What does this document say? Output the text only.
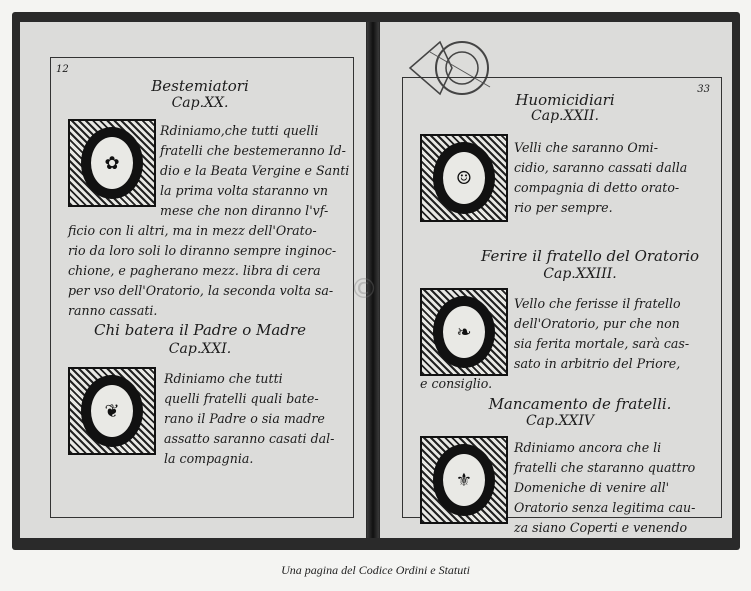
12
Bestemiatori
Cap.XX.
✿
Rdiniamo,che tutti quelli
fratelli che bestemeranno Id-
dio e la Beata Vergine e Santi
la prima volta staranno vn
mese che non diranno l'vf-
ficio con li altri, ma in mezz dell'Orato-
rio da loro soli lo diranno sempre inginoc-
chione, e pagherano mezz. libra di cera
per vso dell'Oratorio, la seconda volta sa-
ranno cassati.
Chi batera il Padre o Madre
Cap.XXI.
❦
Rdiniamo che tutti
quelli fratelli quali bate-
rano il Padre o sia madre
assatto saranno casati dal-
la compagnia.
33
Huomicidiari
Cap.XXII.
☺
Velli che saranno Omi-
cidio, saranno cassati dalla
compagnia di detto orato-
rio per sempre.
Ferire il fratello del Oratorio
Cap.XXIII.
❧
Vello che ferisse il fratello
dell'Oratorio, pur che non
sia ferita mortale, sarà cas-
sato in arbitrio del Priore,
e consiglio.
Mancamento de fratelli.
Cap.XXIV
⚜
Rdiniamo ancora che li
fratelli che staranno quattro
Domeniche di venire all'
Oratorio senza legitima cau-
za siano Coperti e venendo
©
Una pagina del Codice Ordini e Statuti
